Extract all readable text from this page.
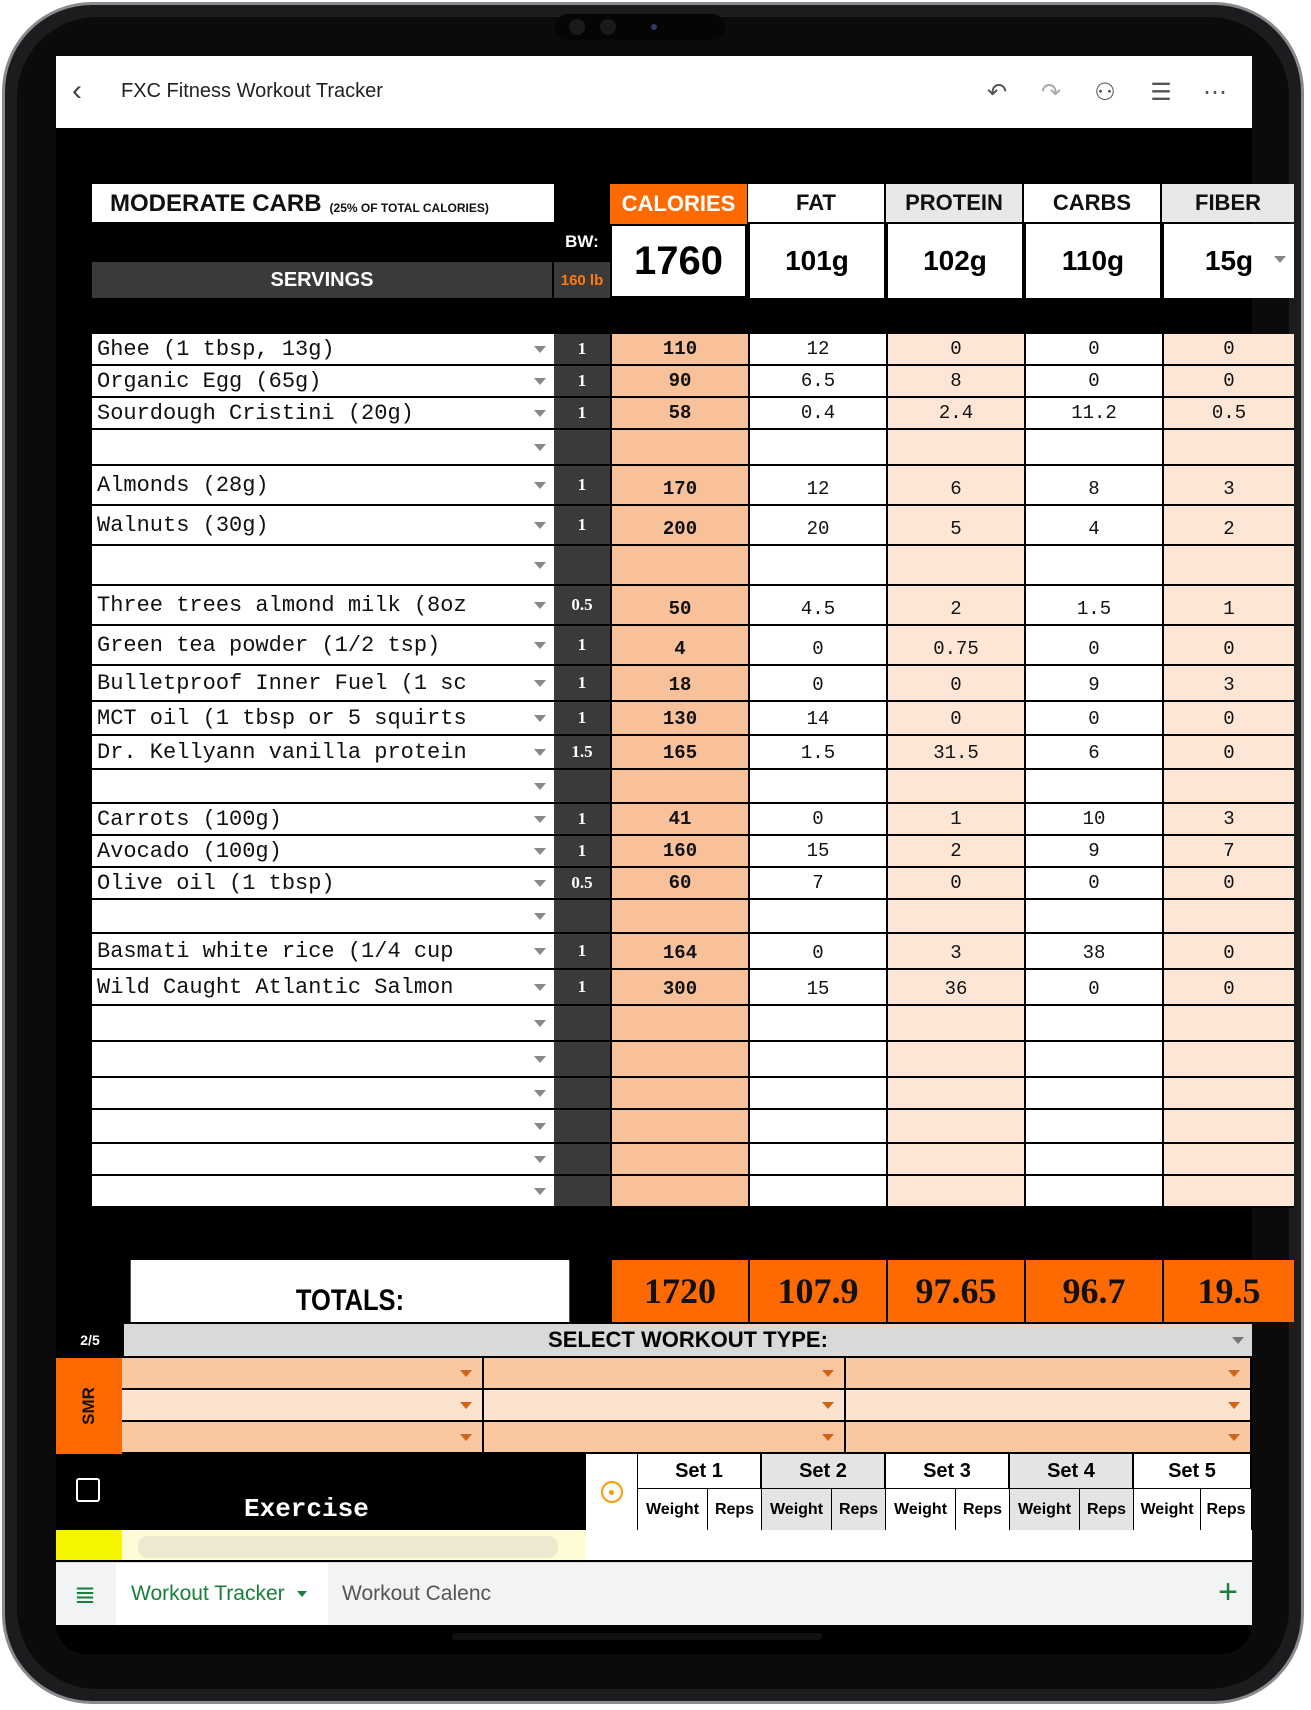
‹ FXC Fitness Workout Tracker	↶ ↷ ⚇ ☰ ⋯
MODERATE CARB (25% OF TOTAL CALORIES)
BW:
SERVINGS	160 lb
CALORIES	FAT	PROTEIN	CARBS	FIBER
1760	101g	102g	110g	15g
Ghee (1 tbsp, 13g)	1	110	12	0	0	0
Organic Egg (65g)	1	90	6.5	8	0	0
Sourdough Cristini (20g)	1	58	0.4	2.4	11.2	0.5
Almonds (28g)	1	170	12	6	8	3
Walnuts (30g)	1	200	20	5	4	2
Three trees almond milk (8oz	0.5	50	4.5	2	1.5	1
Green tea powder (1/2 tsp)	1	4	0	0.75	0	0
Bulletproof Inner Fuel (1 sc	1	18	0	0	9	3
MCT oil (1 tbsp or 5 squirts	1	130	14	0	0	0
Dr. Kellyann vanilla protein	1.5	165	1.5	31.5	6	0
Carrots (100g)	1	41	0	1	10	3
Avocado (100g)	1	160	15	2	9	7
Olive oil (1 tbsp)	0.5	60	7	0	0	0
Basmati white rice (1/4 cup	1	164	0	3	38	0
Wild Caught Atlantic Salmon	1	300	15	36	0	0
TOTALS:	1720	107.9	97.65	96.7	19.5
2/5	SELECT WORKOUT TYPE:
SMR
Exercise
Set 1
Weight Reps
Set 2
Weight Reps
Set 3
Weight Reps
Set 4
Weight Reps
Set 5
Weight Reps
≣	Workout Tracker	Workout Calenc	+
